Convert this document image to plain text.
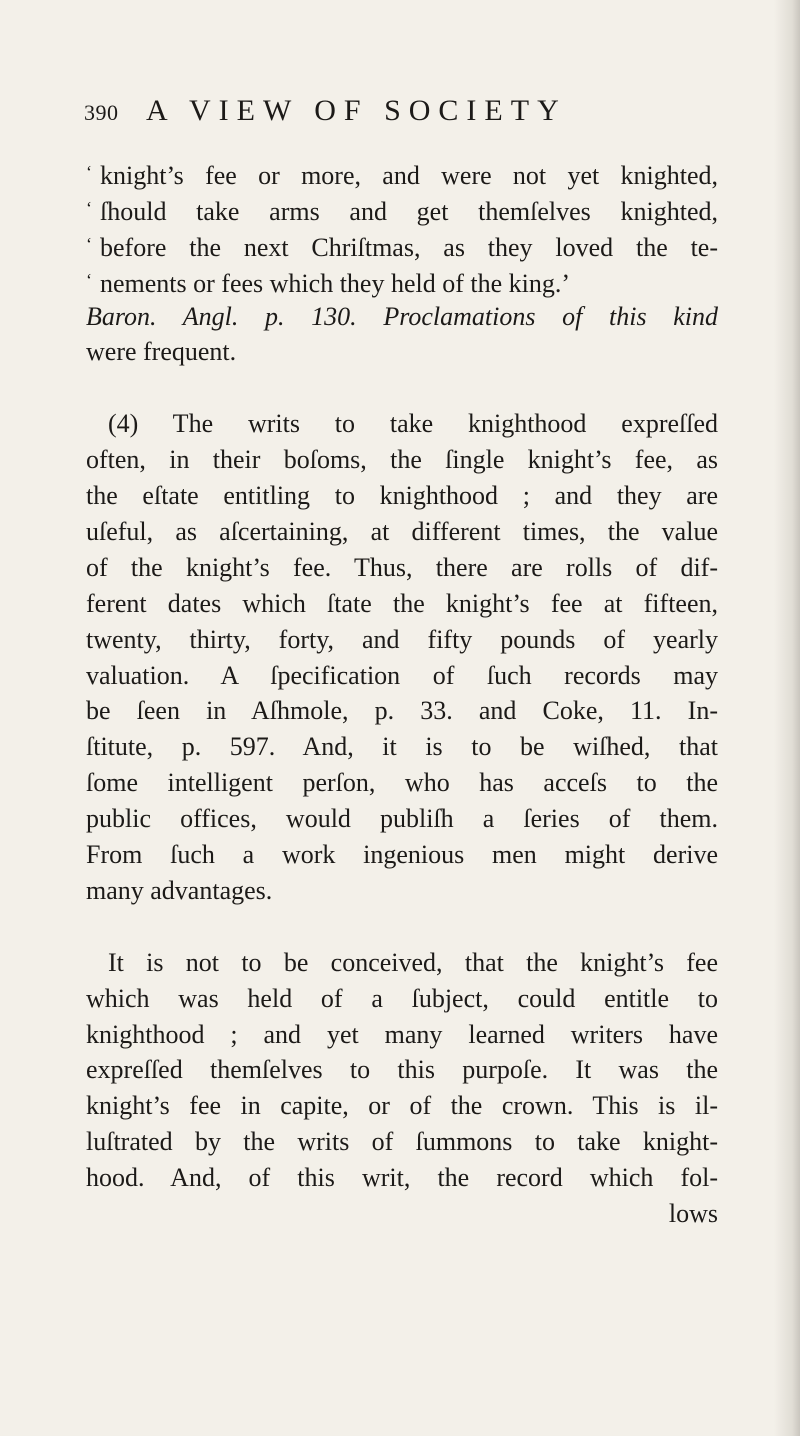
390 A VIEW OF SOCIETY
‘ knight’s fee or more, and were not yet knighted,
‘ ſhould take arms and get themſelves knighted,
‘ before the next Chriſtmas, as they loved the te-
‘ nements or fees which they held of the king.’
Baron. Angl. p. 130. Proclamations of this kind
were frequent.
(4) The writs to take knighthood expreſſed
often, in their boſoms, the ſingle knight’s fee, as
the eſtate entitling to knighthood ; and they are
uſeful, as aſcertaining, at different times, the value
of the knight’s fee. Thus, there are rolls of dif-
ferent dates which ſtate the knight’s fee at fifteen,
twenty, thirty, forty, and fifty pounds of yearly
valuation. A ſpecification of ſuch records may
be ſeen in Aſhmole, p. 33. and Coke, 11. In-
ſtitute, p. 597. And, it is to be wiſhed, that
ſome intelligent perſon, who has acceſs to the
public offices, would publiſh a ſeries of them.
From ſuch a work ingenious men might derive
many advantages.
It is not to be conceived, that the knight’s fee
which was held of a ſubject, could entitle to
knighthood ; and yet many learned writers have
expreſſed themſelves to this purpoſe. It was the
knight’s fee in capite, or of the crown. This is il-
luſtrated by the writs of ſummons to take knight-
hood. And, of this writ, the record which fol-
lows
